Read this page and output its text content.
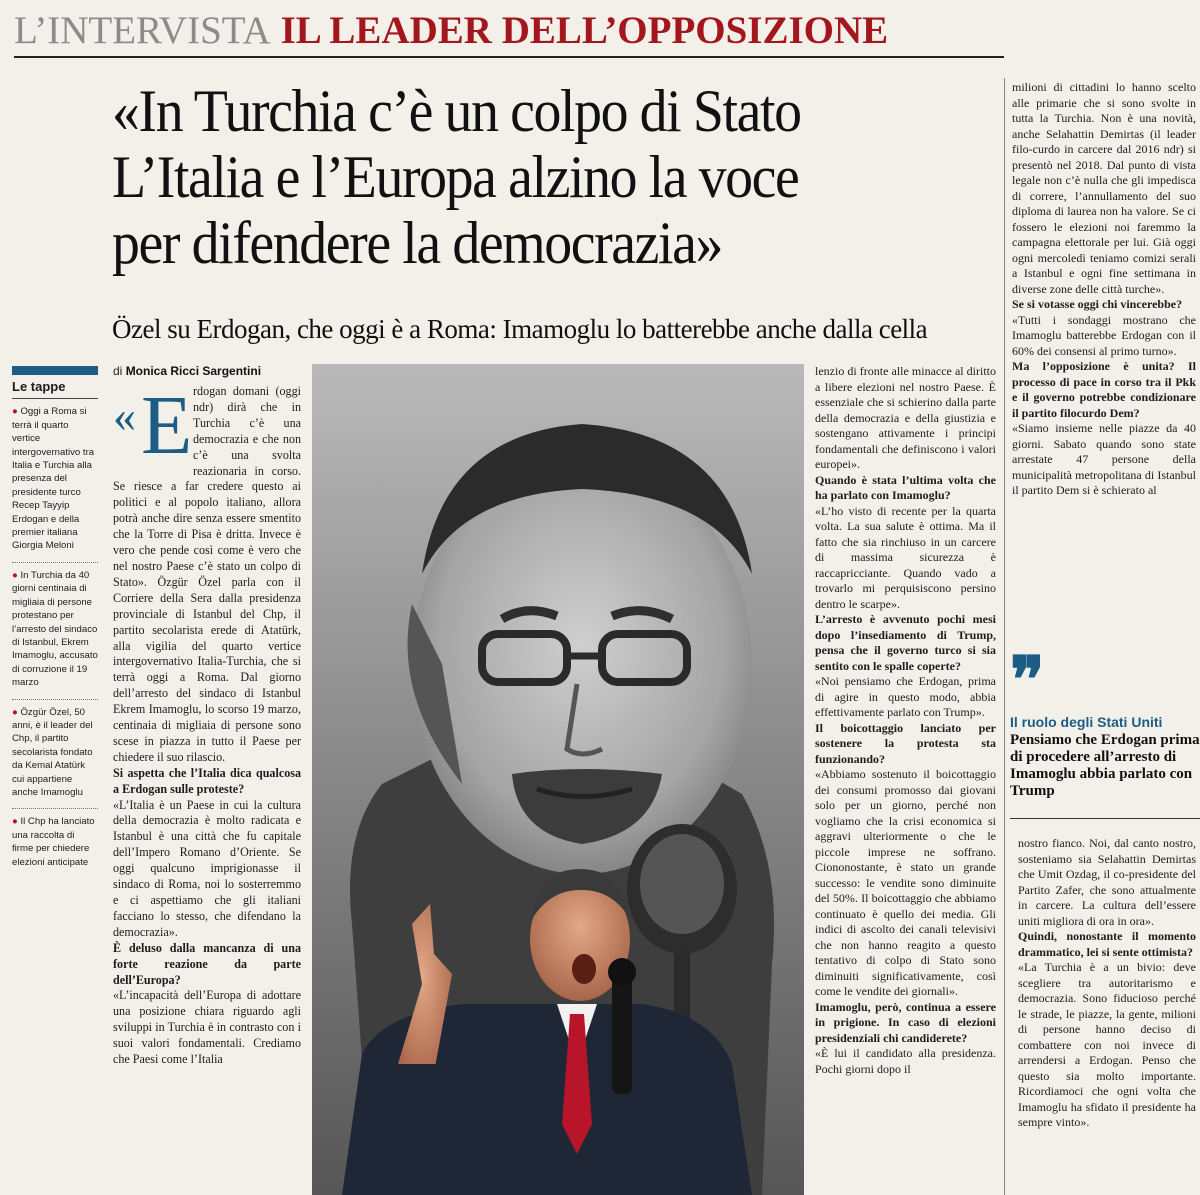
L’INTERVISTA IL LEADER DELL’OPPOSIZIONE
«In Turchia c’è un colpo di Stato
L’Italia e l’Europa alzino la voce
per difendere la democrazia»
Özel su Erdogan, che oggi è a Roma: Imamoglu lo batterebbe anche dalla cella
Le tappe
● Oggi a Roma si terrà il quarto vertice intergovernativo tra Italia e Turchia alla presenza del presidente turco Recep Tayyip Erdogan e della premier italiana Giorgia Meloni
● In Turchia da 40 giorni centinaia di migliaia di persone protestano per l’arresto del sindaco di Istanbul, Ekrem Imamoglu, accusato di corruzione il 19 marzo
● Özgür Özel, 50 anni, è il leader del Chp, il partito secolarista fondato da Kemal Atatürk cui appartiene anche Imamoglu
● Il Chp ha lanciato una raccolta di firme per chiedere elezioni anticipate
di Monica Ricci Sargentini
« E rdogan domani (oggi ndr) dirà che in Turchia c’è una democrazia e che non c’è una svolta reazionaria in corso. Se riesce a far credere questo ai politici e al popolo italiano, allora potrà anche dire senza essere smentito che la Torre di Pisa è dritta. Invece è vero che pende così come è vero che nel nostro Paese c’è stato un colpo di Stato». Özgür Özel parla con il Corriere della Sera dalla presidenza provinciale di Istanbul del Chp, il partito secolarista erede di Atatürk, alla vigilia del quarto vertice intergovernativo Italia-Turchia, che si terrà oggi a Roma. Dal giorno dell’arresto del sindaco di Istanbul Ekrem Imamoglu, lo scorso 19 marzo, centinaia di migliaia di persone sono scese in piazza in tutto il Paese per chiedere il suo rilascio.

Si aspetta che l’Italia dica qualcosa a Erdogan sulle proteste?

«L’Italia è un Paese in cui la cultura della democrazia è molto radicata e Istanbul è una città che fu capitale dell’Impero Romano d’Oriente. Se oggi qualcuno imprigionasse il sindaco di Roma, noi lo sosterremmo e ci aspettiamo che gli italiani facciano lo stesso, che difendano la democrazia».

È deluso dalla mancanza di una forte reazione da parte dell’Europa?

«L’incapacità dell’Europa di adottare una posizione chiara riguardo agli sviluppi in Turchia è in contrasto con i suoi valori fondamentali. Crediamo che Paesi come l’Italia

lenzio di fronte alle minacce al diritto a libere elezioni nel nostro Paese. È essenziale che si schierino dalla parte della democrazia e della giustizia e sostengano attivamente i principi fondamentali che definiscono i valori europei».

Quando è stata l’ultima volta che ha parlato con Imamoglu?

«L’ho visto di recente per la quarta volta. La sua salute è ottima. Ma il fatto che sia rinchiuso in un carcere di massima sicurezza è raccapricciante. Quando vado a trovarlo mi perquisiscono persino dentro le scarpe».

L’arresto è avvenuto pochi mesi dopo l’insediamento di Trump, pensa che il governo turco si sia sentito con le spalle coperte?

«Noi pensiamo che Erdogan, prima di agire in questo modo, abbia effettivamente parlato con Trump».

Il boicottaggio lanciato per sostenere la protesta sta funzionando?

«Abbiamo sostenuto il boicottaggio dei consumi promosso dai giovani solo per un giorno, perché non vogliamo che la crisi economica si aggravi ulteriormente o che le piccole imprese ne soffrano. Ciononostante, è stato un grande successo: le vendite sono diminuite del 50%. Il boicottaggio che abbiamo continuato è quello dei media. Gli indici di ascolto dei canali televisivi che non hanno reagito a questo tentativo di colpo di Stato sono diminuiti significativamente, così come le vendite dei giornali».

Imamoglu, però, continua a essere in prigione. In caso di elezioni presidenziali chi candiderete?

«È lui il candidato alla presidenza. Pochi giorni dopo il

milioni di cittadini lo hanno scelto alle primarie che si sono svolte in tutta la Turchia. Non è una novità, anche Selahattin Demirtas (il leader filo-curdo in carcere dal 2016 ndr) si presentò nel 2018. Dal punto di vista legale non c’è nulla che gli impedisca di correre, l’annullamento del suo diploma di laurea non ha valore. Se ci fossero le elezioni noi faremmo la campagna elettorale per lui. Già oggi ogni mercoledì teniamo comizi serali a Istanbul e ogni fine settimana in diverse zone delle città turche».

Se si votasse oggi chi vincerebbe?

«Tutti i sondaggi mostrano che Imamoglu batterebbe Erdogan con il 60% dei consensi al primo turno».

Ma l’opposizione è unita? Il processo di pace in corso tra il Pkk e il governo potrebbe condizionare il partito filocurdo Dem?

«Siamo insieme nelle piazze da 40 giorni. Sabato quando sono state arrestate 47 persone della municipalità metropolitana di Istanbul il partito Dem si è schierato al

❞
Il ruolo degli Stati Uniti
Pensiamo che Erdogan prima di procedere all’arresto di Imamoglu abbia parlato con Trump

nostro fianco. Noi, dal canto nostro, sosteniamo sia Selahattin Demirtas che Umit Ozdag, il co-presidente del Partito Zafer, che sono attualmente in carcere. La cultura dell’essere uniti migliora di ora in ora».

Quindi, nonostante il momento drammatico, lei si sente ottimista?

«La Turchia è a un bivio: deve scegliere tra autoritarismo e democrazia. Sono fiducioso perché le strade, le piazze, la gente, milioni di persone hanno deciso di combattere con noi invece di arrendersi a Erdogan. Penso che questo sia molto importante. Ricordiamoci che ogni volta che Imamoglu ha sfidato il presidente ha sempre vinto».
